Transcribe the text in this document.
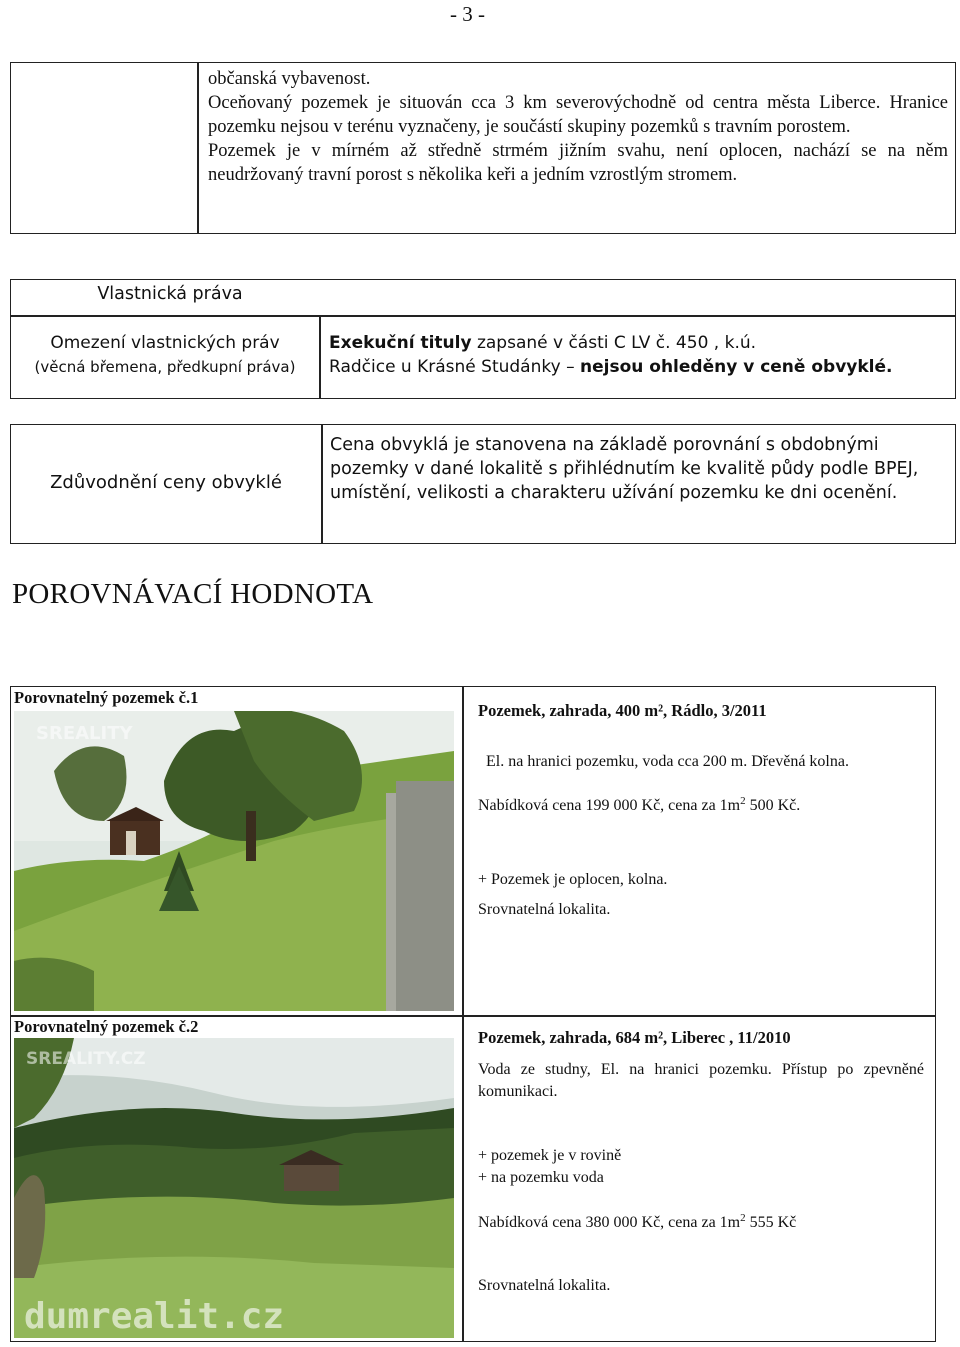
- 3 -

občanská vybavenost.

Oceňovaný pozemek je situován cca 3 km severovýchodně od centra města Liberce. Hranice pozemku nejsou v terénu vyznačeny, je součástí skupiny pozemků s travním porostem.

Pozemek je v mírném až středně strmém jižním svahu, není oplocen, nachází se na něm neudržovaný travní porost s několika keři a jedním vzrostlým stromem.

Vlastnická práva
Omezení vlastnických práv
(věcná břemena, předkupní práva)
Exekuční tituly zapsané v části C LV č. 450 , k.ú.
Radčice u Krásné Studánky – nejsou ohleděny v ceně obvyklé.
Zdůvodnění ceny obvyklé
Cena obvyklá je stanovena na základě porovnání s obdobnými pozemky v dané lokalitě s přihlédnutím ke kvalitě půdy podle BPEJ, umístění, velikosti a charakteru užívání pozemku ke dni ocenění.
POROVNÁVACÍ HODNOTA
Porovnatelný pozemek č.1
SREALITY
Pozemek, zahrada, 400 m², Rádlo, 3/2011
El. na hranici pozemku, voda cca 200 m. Dřevěná kolna.
Nabídková cena 199 000 Kč, cena za $1m^2$ 500 Kč.
+ Pozemek je oplocen, kolna.
Srovnatelná lokalita.
Porovnatelný pozemek č.2
SREALITY.CZ
dumrealit.cz
Pozemek, zahrada, 684 m², Liberec , 11/2010
Voda ze studny, El. na hranici pozemku. Přístup po zpevněné komunikaci.
+ pozemek je v rovině
+ na pozemku voda
Nabídková cena 380 000 Kč, cena za $1m^2$ 555 Kč
Srovnatelná lokalita.
